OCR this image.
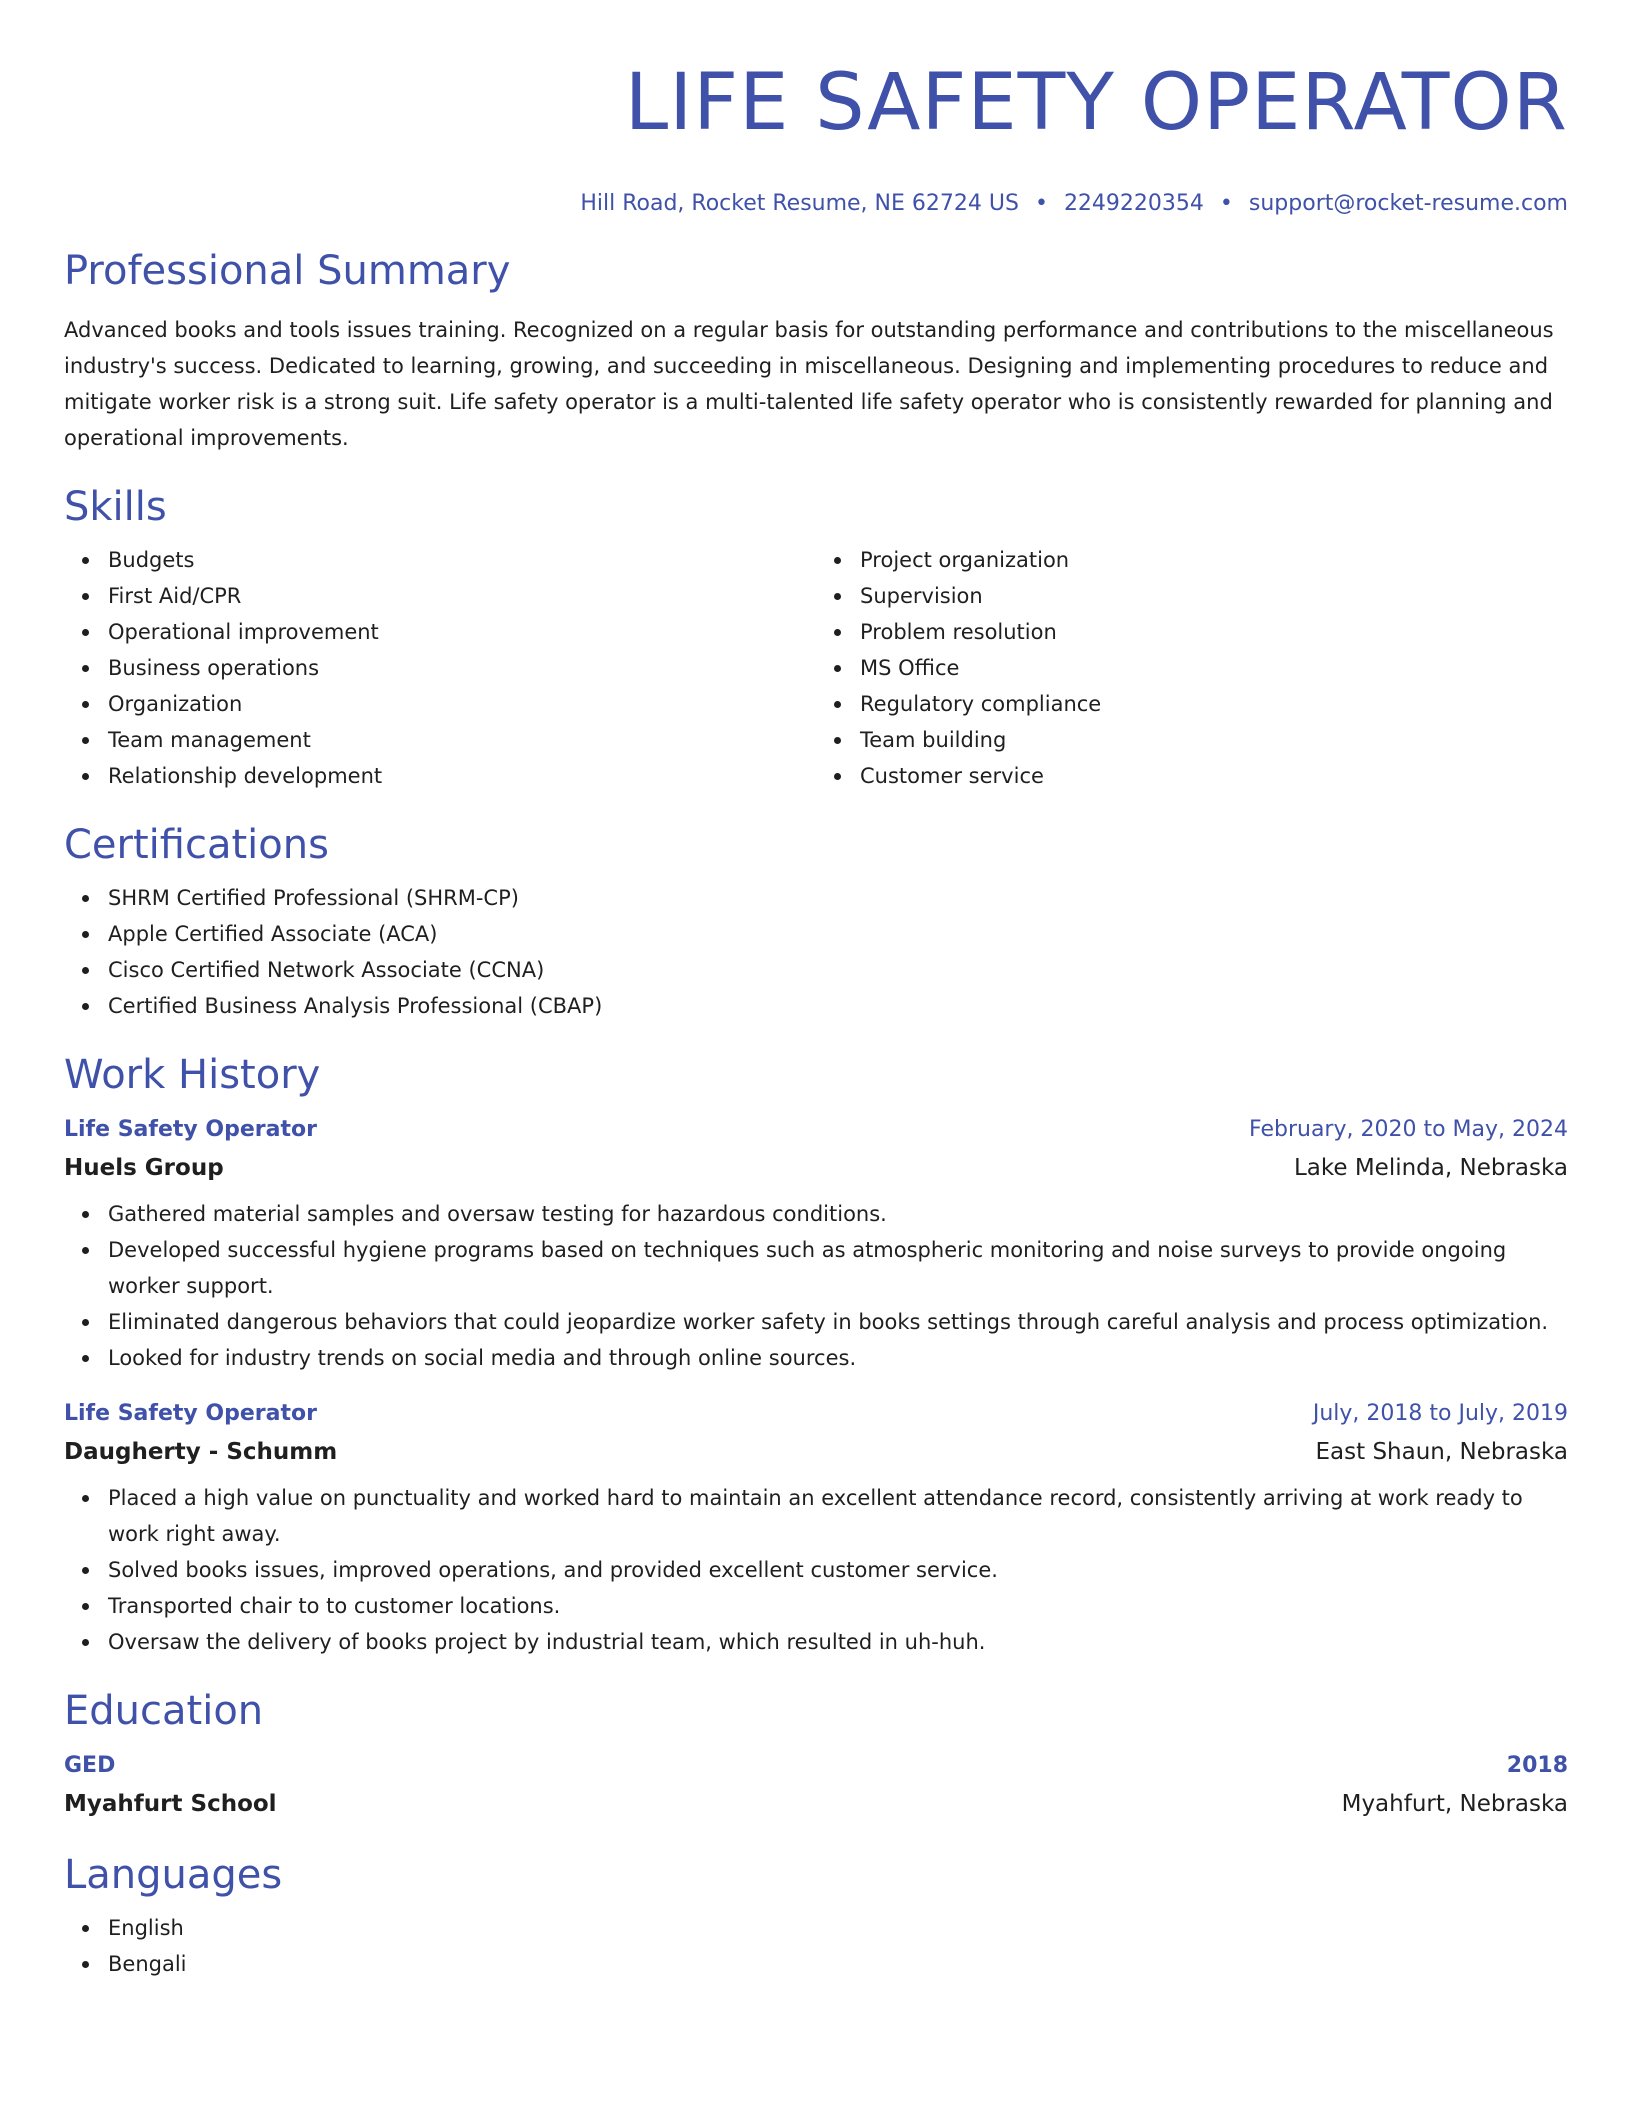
LIFE SAFETY OPERATOR
Hill Road, Rocket Resume, NE 62724 US • 2249220354 • support@rocket-resume.com
Professional Summary
Advanced books and tools issues training. Recognized on a regular basis for outstanding performance and contributions to the miscellaneous industry's success. Dedicated to learning, growing, and succeeding in miscellaneous. Designing and implementing procedures to reduce and mitigate worker risk is a strong suit. Life safety operator is a multi-talented life safety operator who is consistently rewarded for planning and operational improvements.
Skills
Budgets
First Aid/CPR
Operational improvement
Business operations
Organization
Team management
Relationship development
Project organization
Supervision
Problem resolution
MS Office
Regulatory compliance
Team building
Customer service
Certifications
SHRM Certified Professional (SHRM-CP)
Apple Certified Associate (ACA)
Cisco Certified Network Associate (CCNA)
Certified Business Analysis Professional (CBAP)
Work History
Life Safety Operator	February, 2020 to May, 2024
Huels Group	Lake Melinda, Nebraska
Gathered material samples and oversaw testing for hazardous conditions.
Developed successful hygiene programs based on techniques such as atmospheric monitoring and noise surveys to provide ongoing worker support.
Eliminated dangerous behaviors that could jeopardize worker safety in books settings through careful analysis and process optimization.
Looked for industry trends on social media and through online sources.
Life Safety Operator	July, 2018 to July, 2019
Daugherty - Schumm	East Shaun, Nebraska
Placed a high value on punctuality and worked hard to maintain an excellent attendance record, consistently arriving at work ready to work right away.
Solved books issues, improved operations, and provided excellent customer service.
Transported chair to to customer locations.
Oversaw the delivery of books project by industrial team, which resulted in uh-huh.
Education
GED	2018
Myahfurt School	Myahfurt, Nebraska
Languages
English
Bengali
